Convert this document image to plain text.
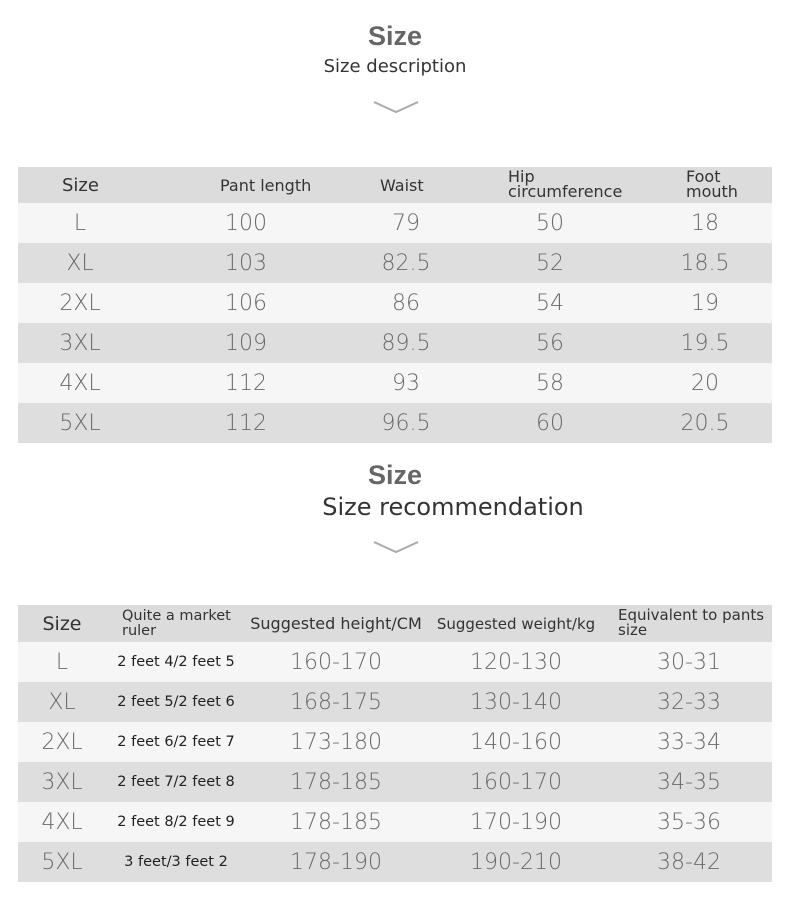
Size
Size description
Size	Pant length	Waist	Hip circumference	Foot mouth
L	100	79	50	18
XL	103	82.5	52	18.5
2XL	106	86	54	19
3XL	109	89.5	56	19.5
4XL	112	93	58	20
5XL	112	96.5	60	20.5
Size
Size recommendation
Size	Quite a market ruler	Suggested height/CM	Suggested weight/kg	Equivalent to pants size
L	2 feet 4/2 feet 5	160-170	120-130	30-31
XL	2 feet 5/2 feet 6	168-175	130-140	32-33
2XL	2 feet 6/2 feet 7	173-180	140-160	33-34
3XL	2 feet 7/2 feet 8	178-185	160-170	34-35
4XL	2 feet 8/2 feet 9	178-185	170-190	35-36
5XL	3 feet/3 feet 2	178-190	190-210	38-42
